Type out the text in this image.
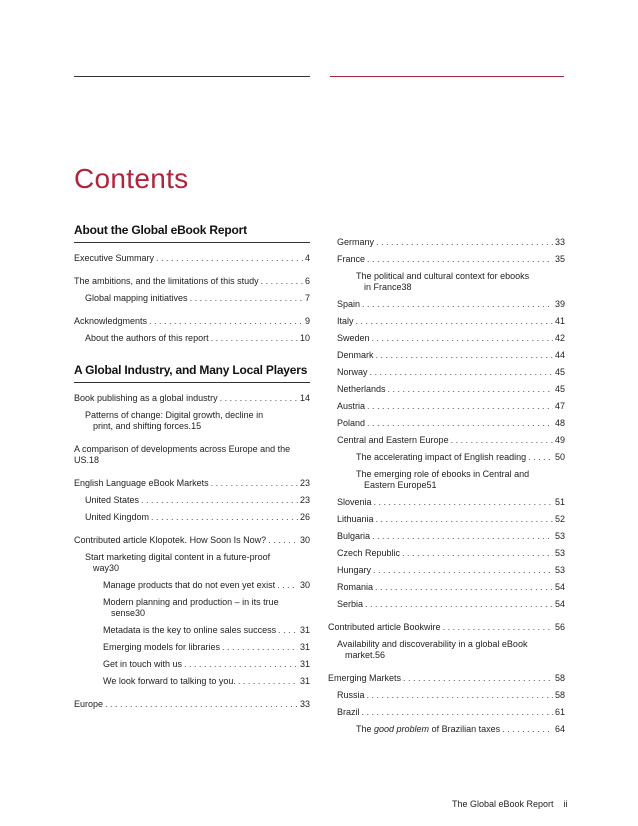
Contents
About the Global eBook Report
Executive Summary . . .	4
The ambitions, and the limitations of this study . . .	6
Global mapping initiatives . . .	7
Acknowledgments . . .	9
About the authors of this report . . .	10
A Global Industry, and Many Local Players
Book publishing as a global industry . . .	14
Patterns of change: Digital growth, decline in
print, and shifting forces. 15
A comparison of developments across Europe and the
US. 18
English Language eBook Markets . . .	23
United States . . .	23
United Kingdom . . .	26
Contributed article Klopotek. How Soon Is Now? . . .	30
Start marketing digital content in a future-proof
way 30
Manage products that do not even yet exist . . .	30
Modern planning and production – in its true
sense 30
Metadata is the key to online sales success . . .	31
Emerging models for libraries . . .	31
Get in touch with us . . .	31
We look forward to talking to you. . . .	31
Europe . . .	33
Germany . . .	33
France . . .	35
The political and cultural context for ebooks
in France 38
Spain . . .	39
Italy . . .	41
Sweden . . .	42
Denmark . . .	44
Norway . . .	45
Netherlands . . .	45
Austria . . .	47
Poland . . .	48
Central and Eastern Europe . . .	49
The accelerating impact of English reading . . .	50
The emerging role of ebooks in Central and
Eastern Europe 51
Slovenia . . .	51
Lithuania . . .	52
Bulgaria . . .	53
Czech Republic . . .	53
Hungary . . .	53
Romania . . .	54
Serbia . . .	54
Contributed article Bookwire . . .	56
Availability and discoverability in a global eBook
market. 56
Emerging Markets . . .	58
Russia . . .	58
Brazil . . .	61
The good problem of Brazilian taxes . . .	64
The Global eBook Report ii
